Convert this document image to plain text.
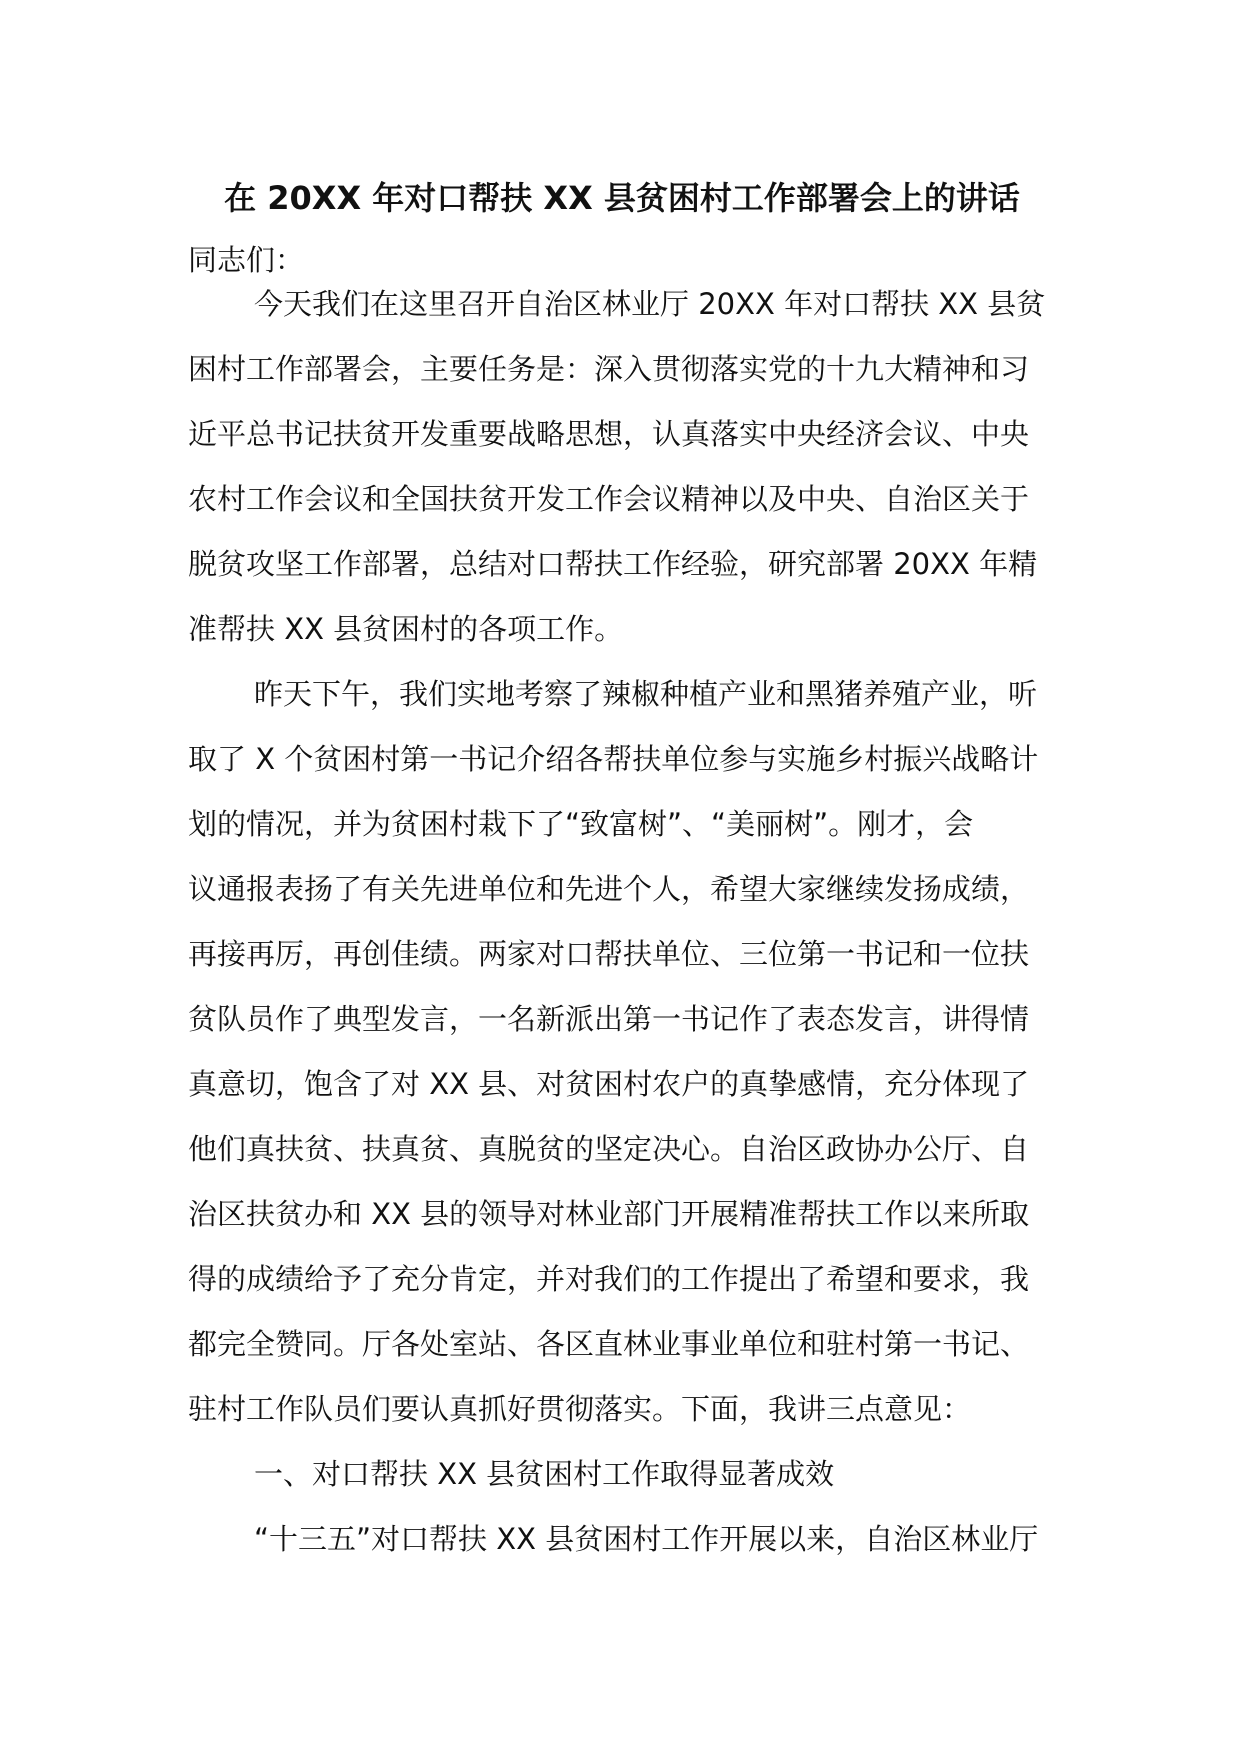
在 20XX 年对口帮扶 XX 县贫困村工作部署会上的讲话

同志们：

今天我们在这里召开自治区林业厅 20XX 年对口帮扶 XX 县贫
困村工作部署会，主要任务是：深入贯彻落实党的十九大精神和习
近平总书记扶贫开发重要战略思想，认真落实中央经济会议、中央
农村工作会议和全国扶贫开发工作会议精神以及中央、自治区关于
脱贫攻坚工作部署，总结对口帮扶工作经验，研究部署 20XX 年精
准帮扶 XX 县贫困村的各项工作。
昨天下午，我们实地考察了辣椒种植产业和黑猪养殖产业，听
取了 X 个贫困村第一书记介绍各帮扶单位参与实施乡村振兴战略计
划的情况，并为贫困村栽下了“致富树”、“美丽树”。刚才，会
议通报表扬了有关先进单位和先进个人，希望大家继续发扬成绩，
再接再厉，再创佳绩。两家对口帮扶单位、三位第一书记和一位扶
贫队员作了典型发言，一名新派出第一书记作了表态发言，讲得情
真意切，饱含了对 XX 县、对贫困村农户的真挚感情，充分体现了
他们真扶贫、扶真贫、真脱贫的坚定决心。自治区政协办公厅、自
治区扶贫办和 XX 县的领导对林业部门开展精准帮扶工作以来所取
得的成绩给予了充分肯定，并对我们的工作提出了希望和要求，我
都完全赞同。厅各处室站、各区直林业事业单位和驻村第一书记、
驻村工作队员们要认真抓好贯彻落实。下面，我讲三点意见：
一、对口帮扶 XX 县贫困村工作取得显著成效
“十三五”对口帮扶 XX 县贫困村工作开展以来，自治区林业厅
